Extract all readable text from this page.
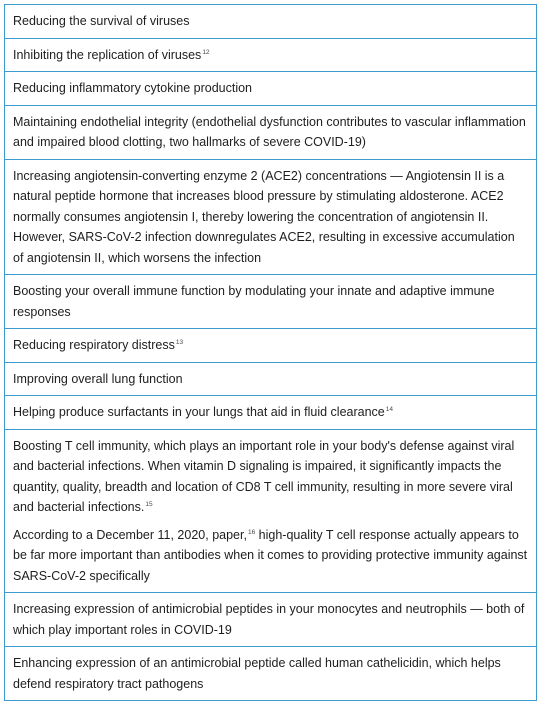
Reducing the survival of viruses

Inhibiting the replication of viruses$^{12}$

Reducing inflammatory cytokine production

Maintaining endothelial integrity (endothelial dysfunction contributes to vascular inflammation and impaired blood clotting, two hallmarks of severe COVID-19)

Increasing angiotensin-converting enzyme 2 (ACE2) concentrations — Angiotensin II is a natural peptide hormone that increases blood pressure by stimulating aldosterone. ACE2 normally consumes angiotensin I, thereby lowering the concentration of angiotensin II. However, SARS-CoV-2 infection downregulates ACE2, resulting in excessive accumulation of angiotensin II, which worsens the infection

Boosting your overall immune function by modulating your innate and adaptive immune responses

Reducing respiratory distress$^{13}$

Improving overall lung function

Helping produce surfactants in your lungs that aid in fluid clearance$^{14}$

Boosting T cell immunity, which plays an important role in your body's defense against viral and bacterial infections. When vitamin D signaling is impaired, it significantly impacts the quantity, quality, breadth and location of CD8 T cell immunity, resulting in more severe viral and bacterial infections.$^{15}$

According to a December 11, 2020, paper,$^{16}$ high-quality T cell response actually appears to be far more important than antibodies when it comes to providing protective immunity against SARS-CoV-2 specifically

Increasing expression of antimicrobial peptides in your monocytes and neutrophils — both of which play important roles in COVID-19

Enhancing expression of an antimicrobial peptide called human cathelicidin, which helps defend respiratory tract pathogens
